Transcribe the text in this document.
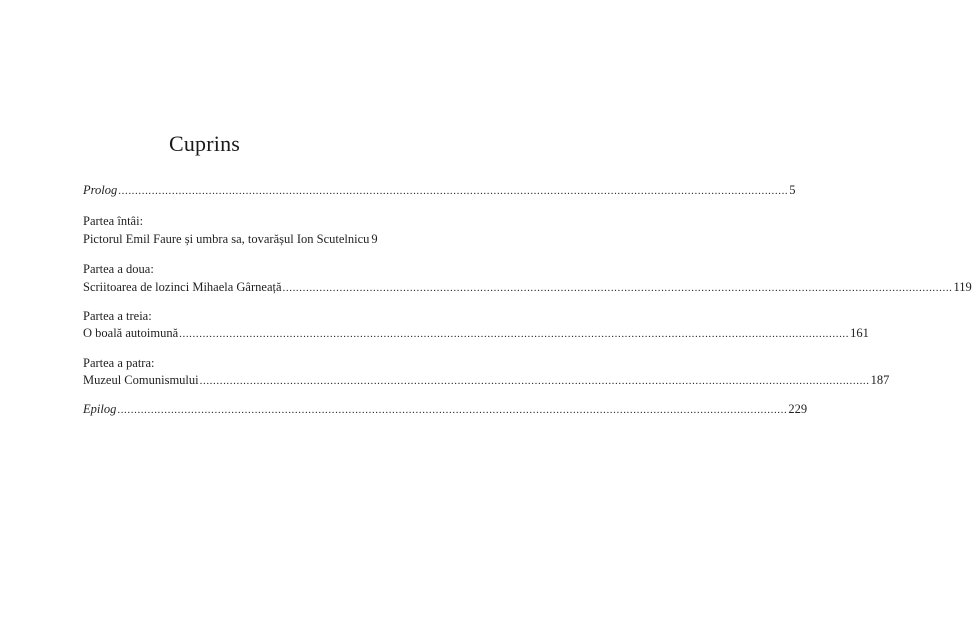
Cuprins
Prolog ........................................................................................................................................................................................................ 5
Partea întâi:
Pictorul Emil Faure și umbra sa, tovarășul Ion Scutelnicu 9
Partea a doua:
Scriitoarea de lozinci Mihaela Gârneață ........................................................................................................................................................................................................ 119
Partea a treia:
O boală autoimună ........................................................................................................................................................................................................ 161
Partea a patra:
Muzeul Comunismului ........................................................................................................................................................................................................ 187
Epilog ........................................................................................................................................................................................................ 229
